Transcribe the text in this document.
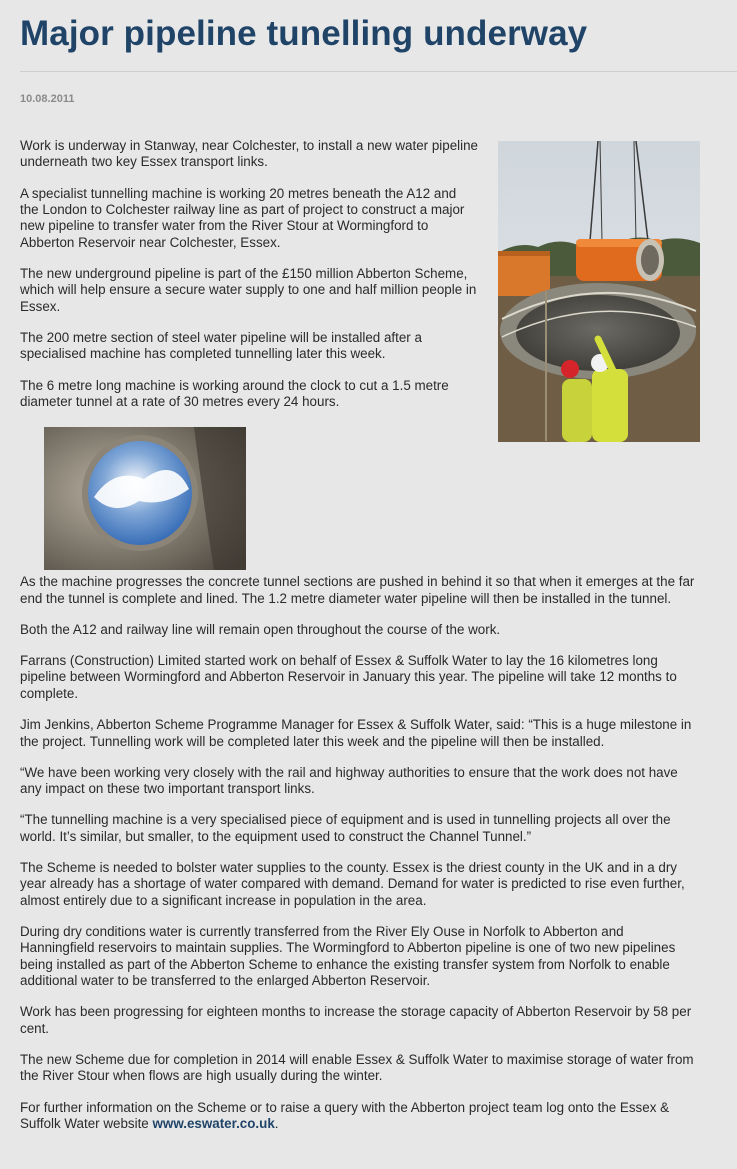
Major pipeline tunelling underway
10.08.2011

Work is underway in Stanway, near Colchester, to install a new water pipeline underneath two key Essex transport links.

A specialist tunnelling machine is working 20 metres beneath the A12 and the London to Colchester railway line as part of project to construct a major new pipeline to transfer water from the River Stour at Wormingford to Abberton Reservoir near Colchester, Essex.

The new underground pipeline is part of the £150 million Abberton Scheme, which will help ensure a secure water supply to one and half million people in Essex.

The 200 metre section of steel water pipeline will be installed after a specialised machine has completed tunnelling later this week.

The 6 metre long machine is working around the clock to cut a 1.5 metre diameter tunnel at a rate of 30 metres every 24 hours.

As the machine progresses the concrete tunnel sections are pushed in behind it so that when it emerges at the far end the tunnel is complete and lined. The 1.2 metre diameter water pipeline will then be installed in the tunnel.

Both the A12 and railway line will remain open throughout the course of the work.

Farrans (Construction) Limited started work on behalf of Essex & Suffolk Water to lay the 16 kilometres long pipeline between Wormingford and Abberton Reservoir in January this year. The pipeline will take 12 months to complete.

Jim Jenkins, Abberton Scheme Programme Manager for Essex & Suffolk Water, said: “This is a huge milestone in the project. Tunnelling work will be completed later this week and the pipeline will then be installed.

“We have been working very closely with the rail and highway authorities to ensure that the work does not have any impact on these two important transport links.

“The tunnelling machine is a very specialised piece of equipment and is used in tunnelling projects all over the world. It’s similar, but smaller, to the equipment used to construct the Channel Tunnel.”

The Scheme is needed to bolster water supplies to the county. Essex is the driest county in the UK and in a dry year already has a shortage of water compared with demand. Demand for water is predicted to rise even further, almost entirely due to a significant increase in population in the area.

During dry conditions water is currently transferred from the River Ely Ouse in Norfolk to Abberton and Hanningfield reservoirs to maintain supplies. The Wormingford to Abberton pipeline is one of two new pipelines being installed as part of the Abberton Scheme to enhance the existing transfer system from Norfolk to enable additional water to be transferred to the enlarged Abberton Reservoir.

Work has been progressing for eighteen months to increase the storage capacity of Abberton Reservoir by 58 per cent.

The new Scheme due for completion in 2014 will enable Essex & Suffolk Water to maximise storage of water from the River Stour when flows are high usually during the winter.

For further information on the Scheme or to raise a query with the Abberton project team log onto the Essex & Suffolk Water website www.eswater.co.uk.
